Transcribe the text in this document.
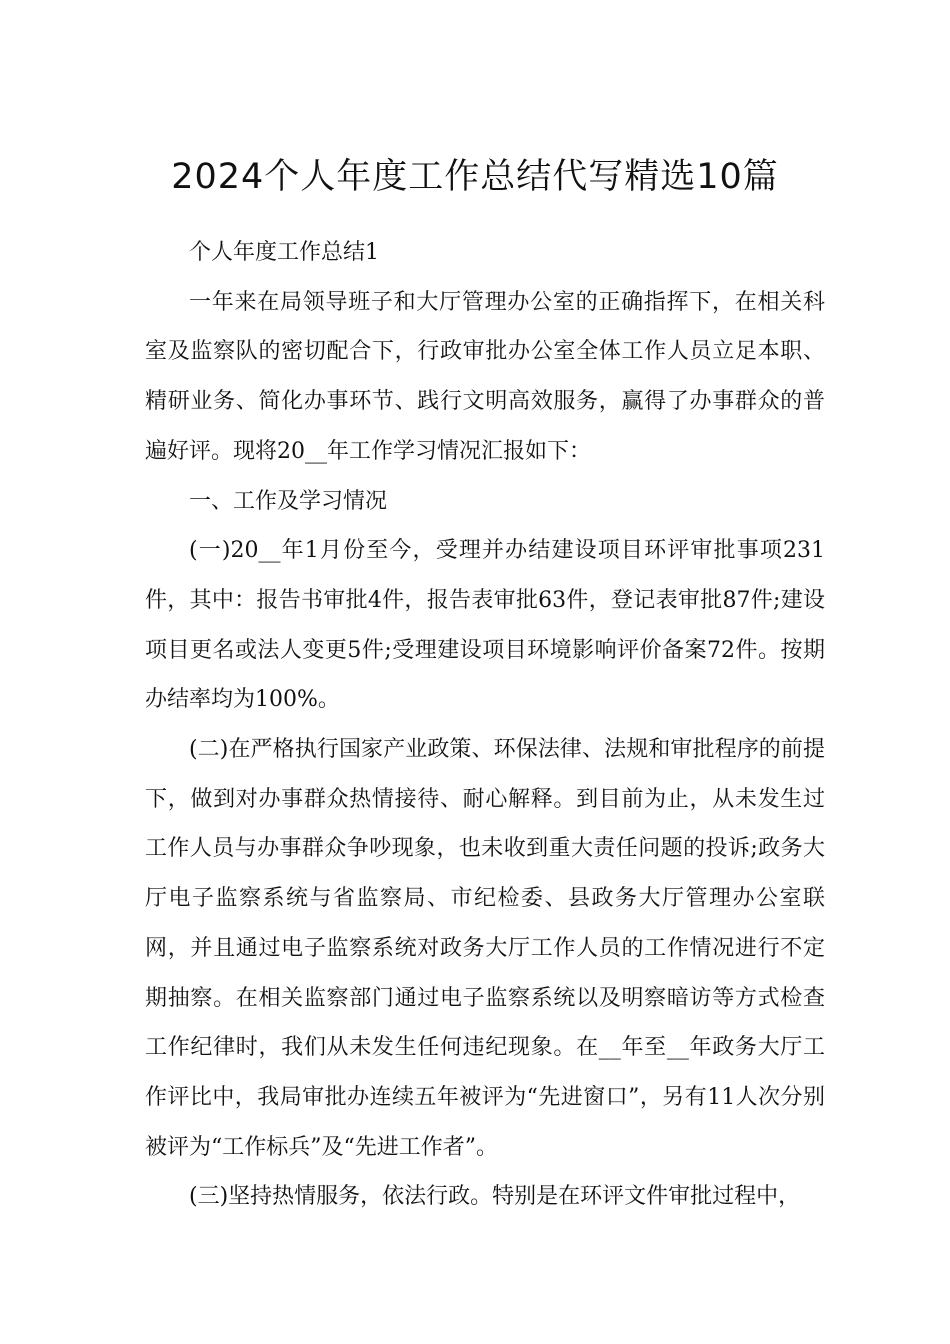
2024个人年度工作总结代写精选10篇

个人年度工作总结1

一年来在局领导班子和大厅管理办公室的正确指挥下，在相关科室及监察队的密切配合下，行政审批办公室全体工作人员立足本职、精研业务、简化办事环节、践行文明高效服务，赢得了办事群众的普遍好评。现将20__年工作学习情况汇报如下：

一、工作及学习情况

(一)20__年1月份至今，受理并办结建设项目环评审批事项231件，其中：报告书审批4件，报告表审批63件，登记表审批87件;建设项目更名或法人变更5件;受理建设项目环境影响评价备案72件。按期办结率均为100%。

(二)在严格执行国家产业政策、环保法律、法规和审批程序的前提下，做到对办事群众热情接待、耐心解释。到目前为止，从未发生过工作人员与办事群众争吵现象，也未收到重大责任问题的投诉;政务大厅电子监察系统与省监察局、市纪检委、县政务大厅管理办公室联网，并且通过电子监察系统对政务大厅工作人员的工作情况进行不定期抽察。在相关监察部门通过电子监察系统以及明察暗访等方式检查工作纪律时，我们从未发生任何违纪现象。在__年至__年政务大厅工作评比中，我局审批办连续五年被评为“先进窗口”，另有11人次分别被评为“工作标兵”及“先进工作者”。

(三)坚持热情服务，依法行政。特别是在环评文件审批过程中，
